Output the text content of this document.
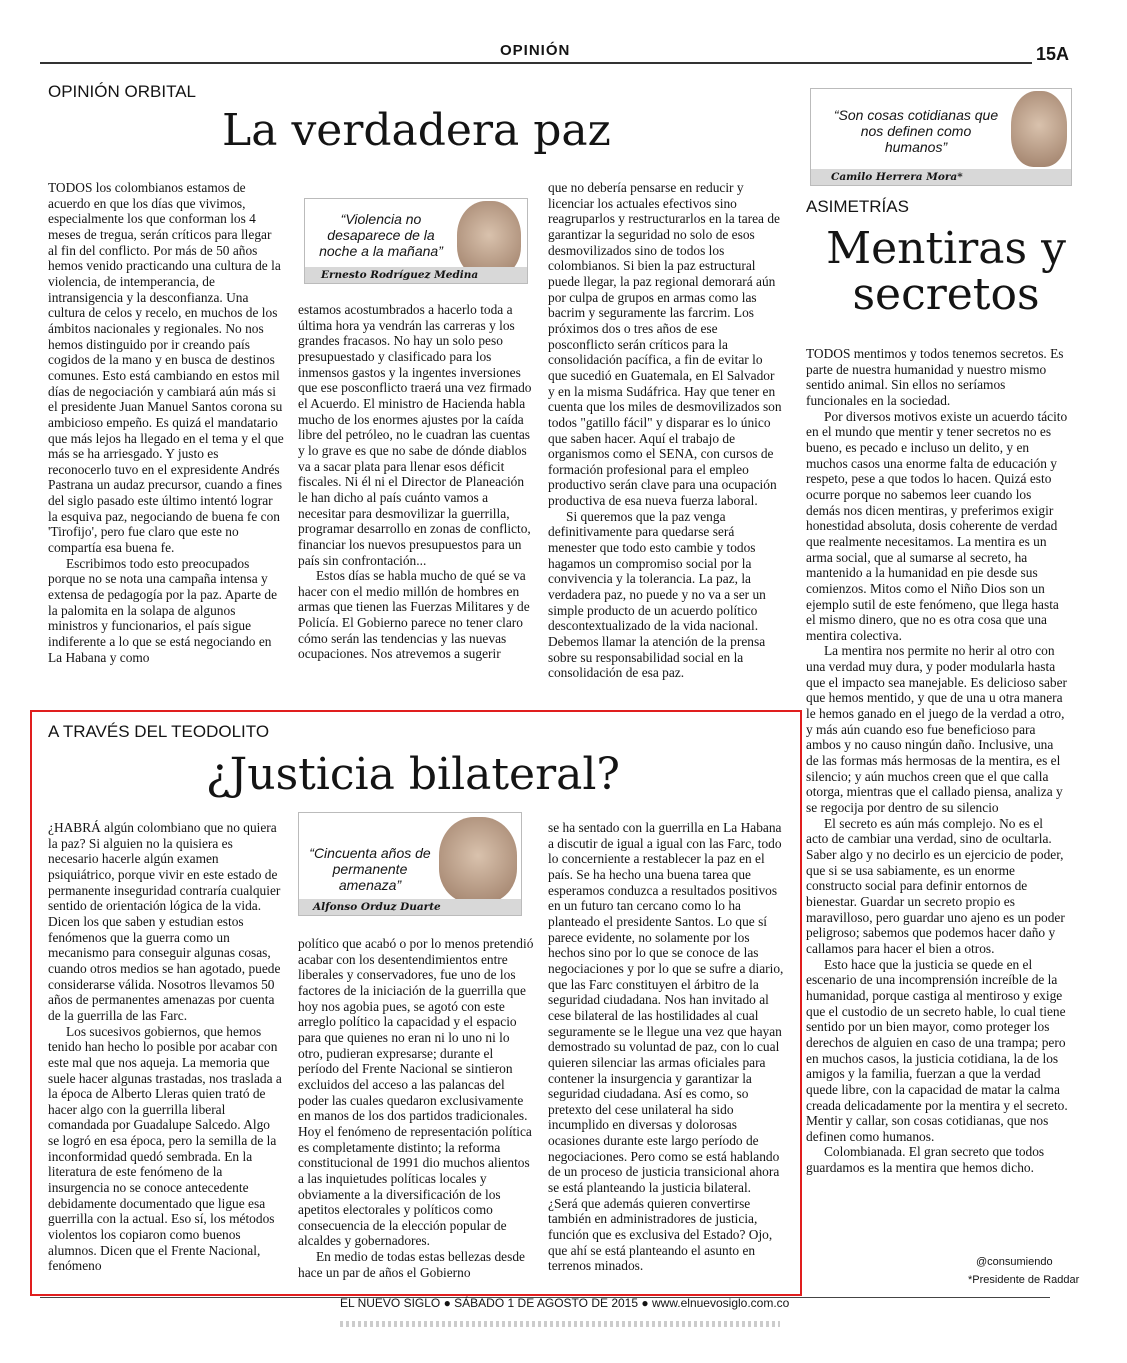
OPINIÓN	15A
OPINIÓN ORBITAL
La verdadera paz
“Violencia no desaparece de la noche a la mañana”
Ernesto Rodríguez Medina

TODOS los colombianos estamos de acuerdo en que los días que vivimos, especialmente los que conforman los 4 meses de tregua, serán críticos para llegar al fin del conflicto. Por más de 50 años hemos venido practicando una cultura de la violencia, de intemperancia, de intransigencia y la desconfianza. Una cultura de celos y recelo, en muchos de los ámbitos nacionales y regionales. No nos hemos distinguido por ir creando país cogidos de la mano y en busca de destinos comunes. Esto está cambiando en estos mil días de negociación y cambiará aún más si el presidente Juan Manuel Santos corona su ambicioso empeño. Es quizá el mandatario que más lejos ha llegado en el tema y el que más se ha arriesgado. Y justo es reconocerlo tuvo en el expresidente Andrés Pastrana un audaz precursor, cuando a fines del siglo pasado este último intentó lograr la esquiva paz, negociando de buena fe con 'Tirofijo', pero fue claro que este no compartía esa buena fe.

Escribimos todo esto preocupados porque no se nota una campaña intensa y extensa de pedagogía por la paz. Aparte de la palomita en la solapa de algunos ministros y funcionarios, el país sigue indiferente a lo que se está negociando en La Habana y como

estamos acostumbrados a hacerlo toda a última hora ya vendrán las carreras y los grandes fracasos. No hay un solo peso presupuestado y clasificado para los inmensos gastos y la ingentes inversiones que ese posconflicto traerá una vez firmado el Acuerdo. El ministro de Hacienda habla mucho de los enormes ajustes por la caída libre del petróleo, no le cuadran las cuentas y lo grave es que no sabe de dónde diablos va a sacar plata para llenar esos déficit fiscales. Ni él ni el Director de Planeación le han dicho al país cuánto vamos a necesitar para desmovilizar la guerrilla, programar desarrollo en zonas de conflicto, financiar los nuevos presupuestos para un país sin confrontación...

Estos días se habla mucho de qué se va hacer con el medio millón de hombres en armas que tienen las Fuerzas Militares y de Policía. El Gobierno parece no tener claro cómo serán las tendencias y las nuevas ocupaciones. Nos atrevemos a sugerir

que no debería pensarse en reducir y licenciar los actuales efectivos sino reagruparlos y restructurarlos en la tarea de garantizar la seguridad no solo de esos desmovilizados sino de todos los colombianos. Si bien la paz estructural puede llegar, la paz regional demorará aún por culpa de grupos en armas como las bacrim y seguramente las farcrim. Los próximos dos o tres años de ese posconflicto serán críticos para la consolidación pacífica, a fin de evitar lo que sucedió en Guatemala, en El Salvador y en la misma Sudáfrica. Hay que tener en cuenta que los miles de desmovilizados son todos "gatillo fácil" y disparar es lo único que saben hacer. Aquí el trabajo de organismos como el SENA, con cursos de formación profesional para el empleo productivo serán clave para una ocupación productiva de esa nueva fuerza laboral.

Si queremos que la paz venga definitivamente para quedarse será menester que todo esto cambie y todos hagamos un compromiso social por la convivencia y la tolerancia. La paz, la verdadera paz, no puede y no va a ser un simple producto de un acuerdo político descontextualizado de la vida nacional. Debemos llamar la atención de la prensa sobre su responsabilidad social en la consolidación de esa paz.

“Son cosas cotidianas que nos definen como humanos”
Camilo Herrera Mora*
ASIMETRÍAS
Mentiras y secretos

TODOS mentimos y todos tenemos secretos. Es parte de nuestra humanidad y nuestro mismo sentido animal. Sin ellos no seríamos funcionales en la sociedad.

Por diversos motivos existe un acuerdo tácito en el mundo que mentir y tener secretos no es bueno, es pecado e incluso un delito, y en muchos casos una enorme falta de educación y respeto, pese a que todos lo hacen. Quizá esto ocurre porque no sabemos leer cuando los demás nos dicen mentiras, y preferimos exigir honestidad absoluta, dosis coherente de verdad que realmente necesitamos. La mentira es un arma social, que al sumarse al secreto, ha mantenido a la humanidad en pie desde sus comienzos. Mitos como el Niño Dios son un ejemplo sutil de este fenómeno, que llega hasta el mismo dinero, que no es otra cosa que una mentira colectiva.

La mentira nos permite no herir al otro con una verdad muy dura, y poder modularla hasta que el impacto sea manejable. Es delicioso saber que hemos mentido, y que de una u otra manera le hemos ganado en el juego de la verdad a otro, y más aún cuando eso fue beneficioso para ambos y no causo ningún daño. Inclusive, una de las formas más hermosas de la mentira, es el silencio; y aún muchos creen que el que calla otorga, mientras que el callado piensa, analiza y se regocija por dentro de su silencio

El secreto es aún más complejo. No es el acto de cambiar una verdad, sino de ocultarla. Saber algo y no decirlo es un ejercicio de poder, que si se usa sabiamente, es un enorme constructo social para definir entornos de bienestar. Guardar un secreto propio es maravilloso, pero guardar uno ajeno es un poder peligroso; sabemos que podemos hacer daño y callamos para hacer el bien a otros.

Esto hace que la justicia se quede en el escenario de una incomprensión increíble de la humanidad, porque castiga al mentiroso y exige que el custodio de un secreto hable, lo cual tiene sentido por un bien mayor, como proteger los derechos de alguien en caso de una trampa; pero en muchos casos, la justicia cotidiana, la de los amigos y la familia, fuerzan a que la verdad quede libre, con la capacidad de matar la calma creada delicadamente por la mentira y el secreto. Mentir y callar, son cosas cotidianas, que nos definen como humanos.

Colombianada. El gran secreto que todos guardamos es la mentira que hemos dicho.

@consumiendo
*Presidente de Raddar
A TRAVÉS DEL TEODOLITO
¿Justicia bilateral?
“Cincuenta años de permanente amenaza”
Alfonso Orduz Duarte

¿HABRÁ algún colombiano que no quiera la paz? Si alguien no la quisiera es necesario hacerle algún examen psiquiátrico, porque vivir en este estado de permanente inseguridad contraría cualquier sentido de orientación lógica de la vida. Dicen los que saben y estudian estos fenómenos que la guerra como un mecanismo para conseguir algunas cosas, cuando otros medios se han agotado, puede considerarse válida. Nosotros llevamos 50 años de permanentes amenazas por cuenta de la guerrilla de las Farc.

Los sucesivos gobiernos, que hemos tenido han hecho lo posible por acabar con este mal que nos aqueja. La memoria que suele hacer algunas trastadas, nos traslada a la época de Alberto Lleras quien trató de hacer algo con la guerrilla liberal comandada por Guadalupe Salcedo. Algo se logró en esa época, pero la semilla de la inconformidad quedó sembrada. En la literatura de este fenómeno de la insurgencia no se conoce antecedente debidamente documentado que ligue esa guerrilla con la actual. Eso sí, los métodos violentos los copiaron como buenos alumnos. Dicen que el Frente Nacional, fenómeno

político que acabó o por lo menos pretendió acabar con los desentendimientos entre liberales y conservadores, fue uno de los factores de la iniciación de la guerrilla que hoy nos agobia pues, se agotó con este arreglo político la capacidad y el espacio para que quienes no eran ni lo uno ni lo otro, pudieran expresarse; durante el período del Frente Nacional se sintieron excluidos del acceso a las palancas del poder las cuales quedaron exclusivamente en manos de los dos partidos tradicionales. Hoy el fenómeno de representación política es completamente distinto; la reforma constitucional de 1991 dio muchos alientos a las inquietudes políticas locales y obviamente a la diversificación de los apetitos electorales y políticos como consecuencia de la elección popular de alcaldes y gobernadores.

En medio de todas estas bellezas desde hace un par de años el Gobierno

se ha sentado con la guerrilla en La Habana a discutir de igual a igual con las Farc, todo lo concerniente a restablecer la paz en el país. Se ha hecho una buena tarea que esperamos conduzca a resultados positivos en un futuro tan cercano como lo ha planteado el presidente Santos. Lo que sí parece evidente, no solamente por los hechos sino por lo que se conoce de las negociaciones y por lo que se sufre a diario, que las Farc constituyen el árbitro de la seguridad ciudadana. Nos han invitado al cese bilateral de las hostilidades al cual seguramente se le llegue una vez que hayan demostrado su voluntad de paz, con lo cual quieren silenciar las armas oficiales para contener la insurgencia y garantizar la seguridad ciudadana. Así es como, so pretexto del cese unilateral ha sido incumplido en diversas y dolorosas ocasiones durante este largo período de negociaciones. Pero como se está hablando de un proceso de justicia transicional ahora se está planteando la justicia bilateral. ¿Será que además quieren convertirse también en administradores de justicia, función que es exclusiva del Estado? Ojo, que ahí se está planteando el asunto en terrenos minados.

EL NUEVO SIGLO ● SÁBADO 1 DE AGOSTO DE 2015 ● www.elnuevosiglo.com.co
